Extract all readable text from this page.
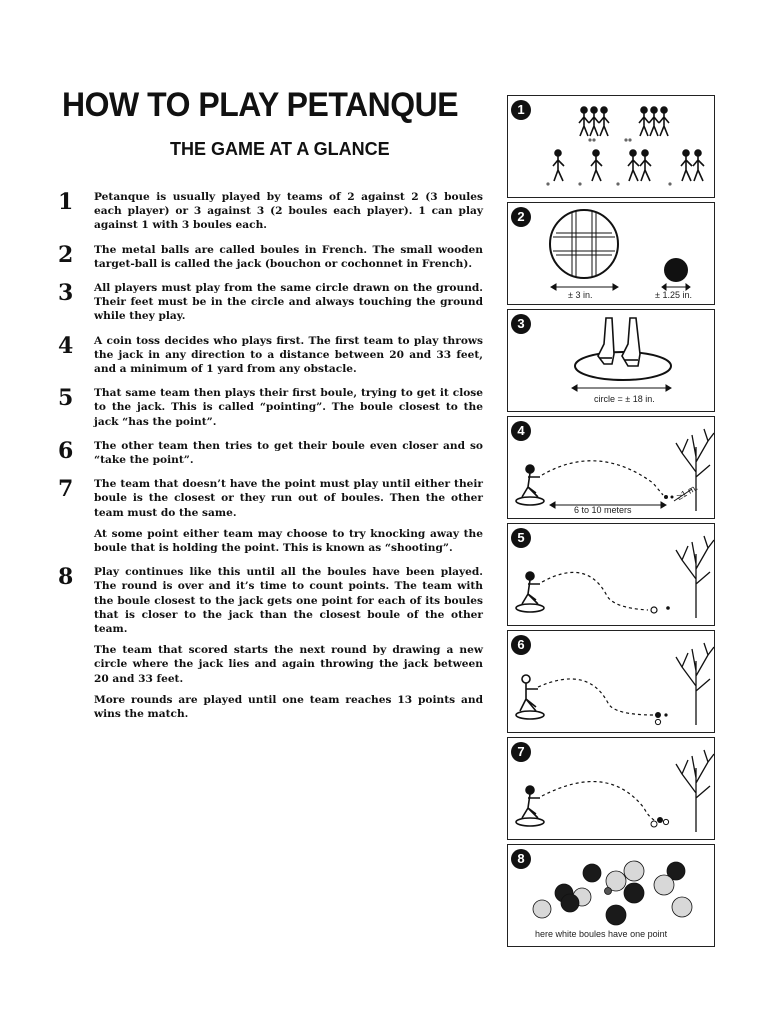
HOW TO PLAY PETANQUE
THE GAME AT A GLANCE
1	Petanque is usually played by teams of 2 against 2 (3 boules each player) or 3 against 3 (2 boules each player). 1 can play against 1 with 3 boules each.

2	The metal balls are called boules in French. The small wooden target-ball is called the jack (bouchon or cochonnet in French).

3	All players must play from the same circle drawn on the ground. Their feet must be in the circle and always touching the ground while they play.

4	A coin toss decides who plays first. The first team to play throws the jack in any direction to a distance between 20 and 33 feet, and a minimum of 1 yard from any obstacle.

5	That same team then plays their first boule, trying to get it close to the jack. This is called “pointing”. The boule closest to the jack “has the point”.

6	The other team then tries to get their boule even closer and so “take the point”.

7	The team that doesn’t have the point must play until either their boule is the closest or they run out of boules. Then the other team must do the same.

At some point either team may choose to try knocking away the boule that is holding the point. This is known as “shooting”.

8	Play continues like this until all the boules have been played. The round is over and it’s time to count points. The team with the boule closest to the jack gets one point for each of its boules that is closer to the jack than the closest boule of the other team.

The team that scored starts the next round by drawing a new circle where the jack lies and again throwing the jack between 20 and 33 feet.

More rounds are played until one team reaches 13 points and wins the match.

1
2
± 3 in.	± 1.25 in.
3
circle = ± 18 in.
4
6 to 10 meters
≥1 m.
5
6
7
8
here white boules have one point
